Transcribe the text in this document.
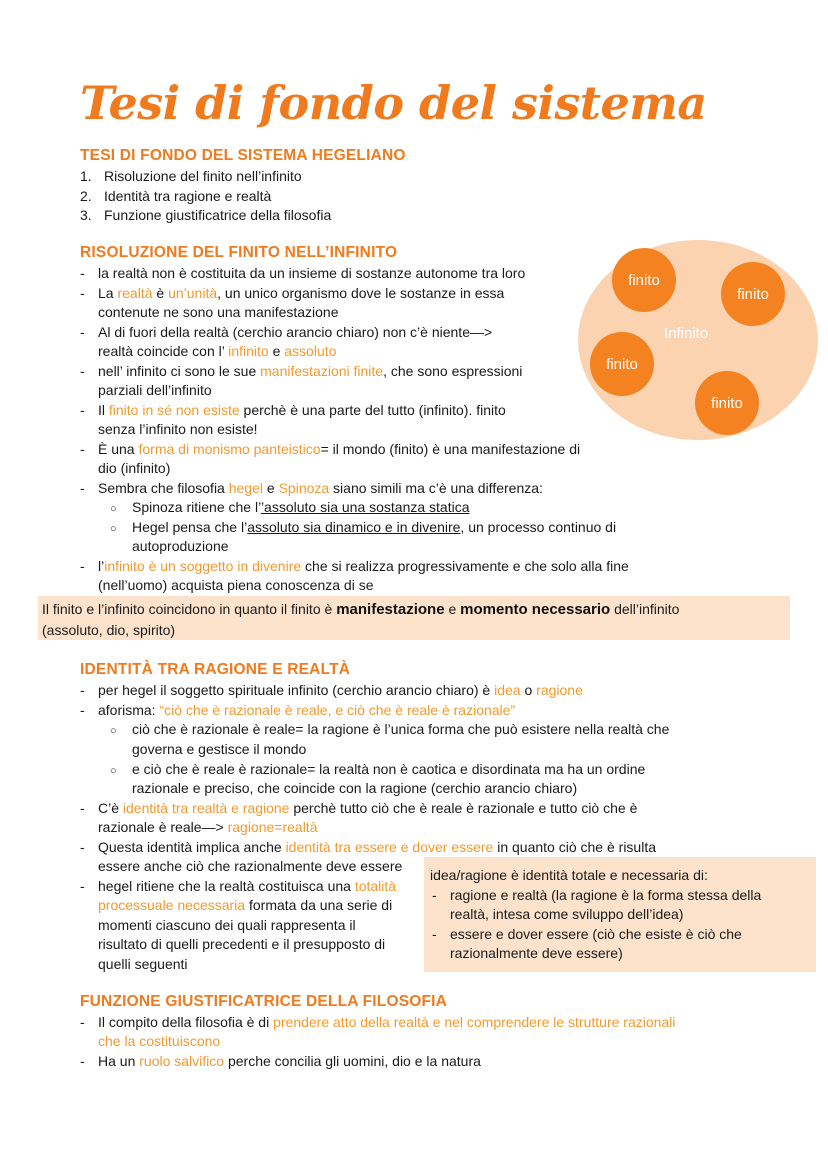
Tesi di fondo del sistema
TESI DI FONDO DEL SISTEMA HEGELIANO
1. Risoluzione del finito nell’infinito
2. Identità tra ragione e realtà
3. Funzione giustificatrice della filosofia
RISOLUZIONE DEL FINITO NELL’INFINITO
- la realtà non è costituita da un insieme di sostanze autonome tra loro
- La realtà è un’unità, un unico organismo dove le sostanze in essa
contenute ne sono una manifestazione
- Al di fuori della realtà (cerchio arancio chiaro) non c’è niente—>
realtà coincide con l’ infinito e assoluto
- nell’ infinito ci sono le sue manifestazioni finite, che sono espressioni
parziali dell’infinito
- Il finito in sé non esiste perchè è una parte del tutto (infinito). finito
senza l’infinito non esiste!
- È una forma di monismo panteistico= il mondo (finito) è una manifestazione di
dio (infinito)
- Sembra che filosofia hegel e Spinoza siano simili ma c’è una differenza:
○ Spinoza ritiene che l’’assoluto sia una sostanza statica
○ Hegel pensa che l’assoluto sia dinamico e in divenire, un processo continuo di
autoproduzione
- l’infinito è un soggetto in divenire che si realizza progressivamente e che solo alla fine
(nell’uomo) acquista piena conoscenza di se
Infinito
finito
finito
finito
finito
Il finito e l’infinito coincidono in quanto il finito è manifestazione e momento necessario dell’infinito
(assoluto, dio, spirito)
IDENTITÀ TRA RAGIONE E REALTÀ
- per hegel il soggetto spirituale infinito (cerchio arancio chiaro) è idea o ragione
- aforisma: “ciò che è razionale è reale, e ciò che è reale è razionale”
○ ciò che è razionale è reale= la ragione è l’unica forma che può esistere nella realtà che
governa e gestisce il mondo
○ e ciò che è reale è razionale= la realtà non è caotica e disordinata ma ha un ordine
razionale e preciso, che coincide con la ragione (cerchio arancio chiaro)
- C’è identità tra realtà e ragione perchè tutto ciò che è reale è razionale e tutto ciò che è
razionale è reale—> ragione=realtà
- Questa identità implica anche identità tra essere e dover essere in quanto ciò che è risulta
essere anche ciò che razionalmente deve essere
idea/ragione è identità totale e necessaria di:
- ragione e realtà (la ragione è la forma stessa della
realtà, intesa come sviluppo dell’idea)
- essere e dover essere (ciò che esiste è ciò che
razionalmente deve essere)
- hegel ritiene che la realtà costituisca una totalità
processuale necessaria formata da una serie di
momenti ciascuno dei quali rappresenta il
risultato di quelli precedenti e il presupposto di
quelli seguenti
FUNZIONE GIUSTIFICATRICE DELLA FILOSOFIA
- Il compito della filosofia è di prendere atto della realtà e nel comprendere le strutture razionali
che la costituiscono
- Ha un ruolo salvifico perche concilia gli uomini, dio e la natura
